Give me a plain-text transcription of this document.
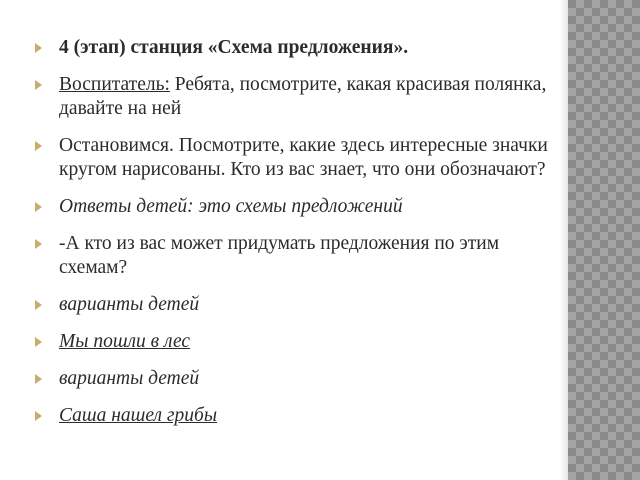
4 (этап) станция «Схема предложения».
Воспитатель: Ребята, посмотрите, какая красивая полянка, давайте на ней
Остановимся. Посмотрите, какие здесь интересные значки кругом нарисованы. Кто из вас знает, что они обозначают?
Ответы детей: это схемы предложений
-А кто из вас может придумать предложения по этим схемам?
варианты детей
Мы пошли в лес
варианты детей
Саша нашел грибы
